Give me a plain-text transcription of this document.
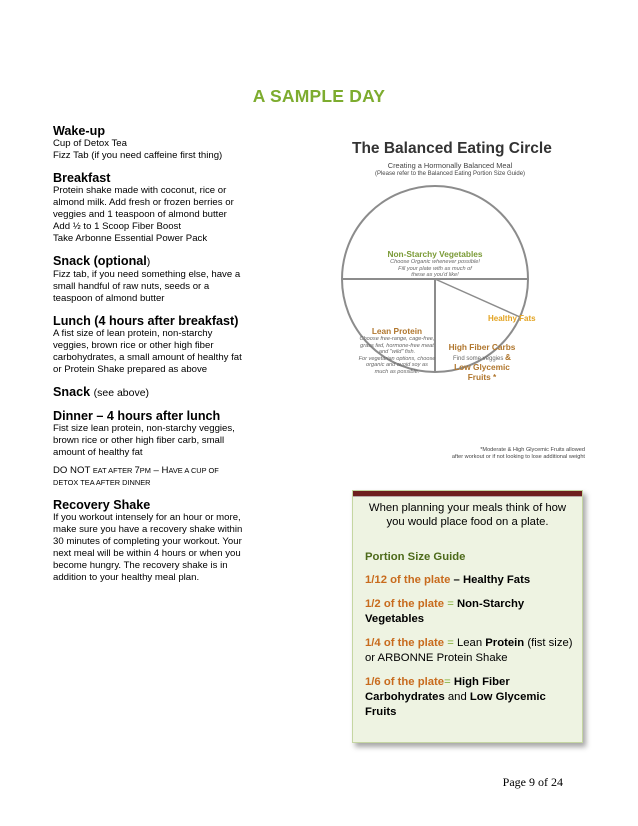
A SAMPLE DAY

Wake-up

Cup of Detox Tea

Fizz Tab (if you need caffeine first thing)

Breakfast

Protein shake made with coconut, rice or

almond milk. Add fresh or frozen berries or

veggies and 1 teaspoon of almond butter

Add ½ to 1 Scoop Fiber Boost

Take Arbonne Essential Power Pack

Snack (optional)

Fizz tab, if you need something else, have a

small handful of raw nuts, seeds or a

teaspoon of almond butter

Lunch (4 hours after breakfast)

A fist size of lean protein, non-starchy

veggies, brown rice or other high fiber

carbohydrates, a small amount of healthy fat

or Protein Shake prepared as above

Snack (see above)

Dinner – 4 hours after lunch

Fist size lean protein, non-starchy veggies,

brown rice or other high fiber carb, small

amount of healthy fat

DO NOT EAT AFTER 7PM – HAVE A CUP OF

DETOX TEA AFTER DINNER

Recovery Shake

If you workout intensely for an hour or more,

make sure you have a recovery shake within

30 minutes of completing your workout. Your

next meal will be within 4 hours or when you

become hungry. The recovery shake is in

addition to your healthy meal plan.

The Balanced Eating Circle
Creating a Hormonally Balanced Meal
(Please refer to the Balanced Eating Portion Size Guide)
Non-Starchy Vegetables
Choose Organic whenever possible!
Fill your plate with as much of
these as you'd like!
Healthy Fats
Lean Protein
Choose free-range, cage-free,
grass fed, hormone-free meat
and "wild" fish.
For vegetarian options, choose
organic and avoid soy as
much as possible.
High Fiber Carbs
Find some veggies &
Low Glycemic
Fruits *
*Moderate & High Glycemic Fruits allowed
after workout or if not looking to lose additional weight
When planning your meals think of how you would place food on a plate.
Portion Size Guide
1/12 of the plate – Healthy Fats
1/2 of the plate = Non-Starchy Vegetables
1/4 of the plate = Lean Protein (fist size) or ARBONNE Protein Shake
1/6 of the plate= High Fiber Carbohydrates and Low Glycemic Fruits
Page 9 of 24
